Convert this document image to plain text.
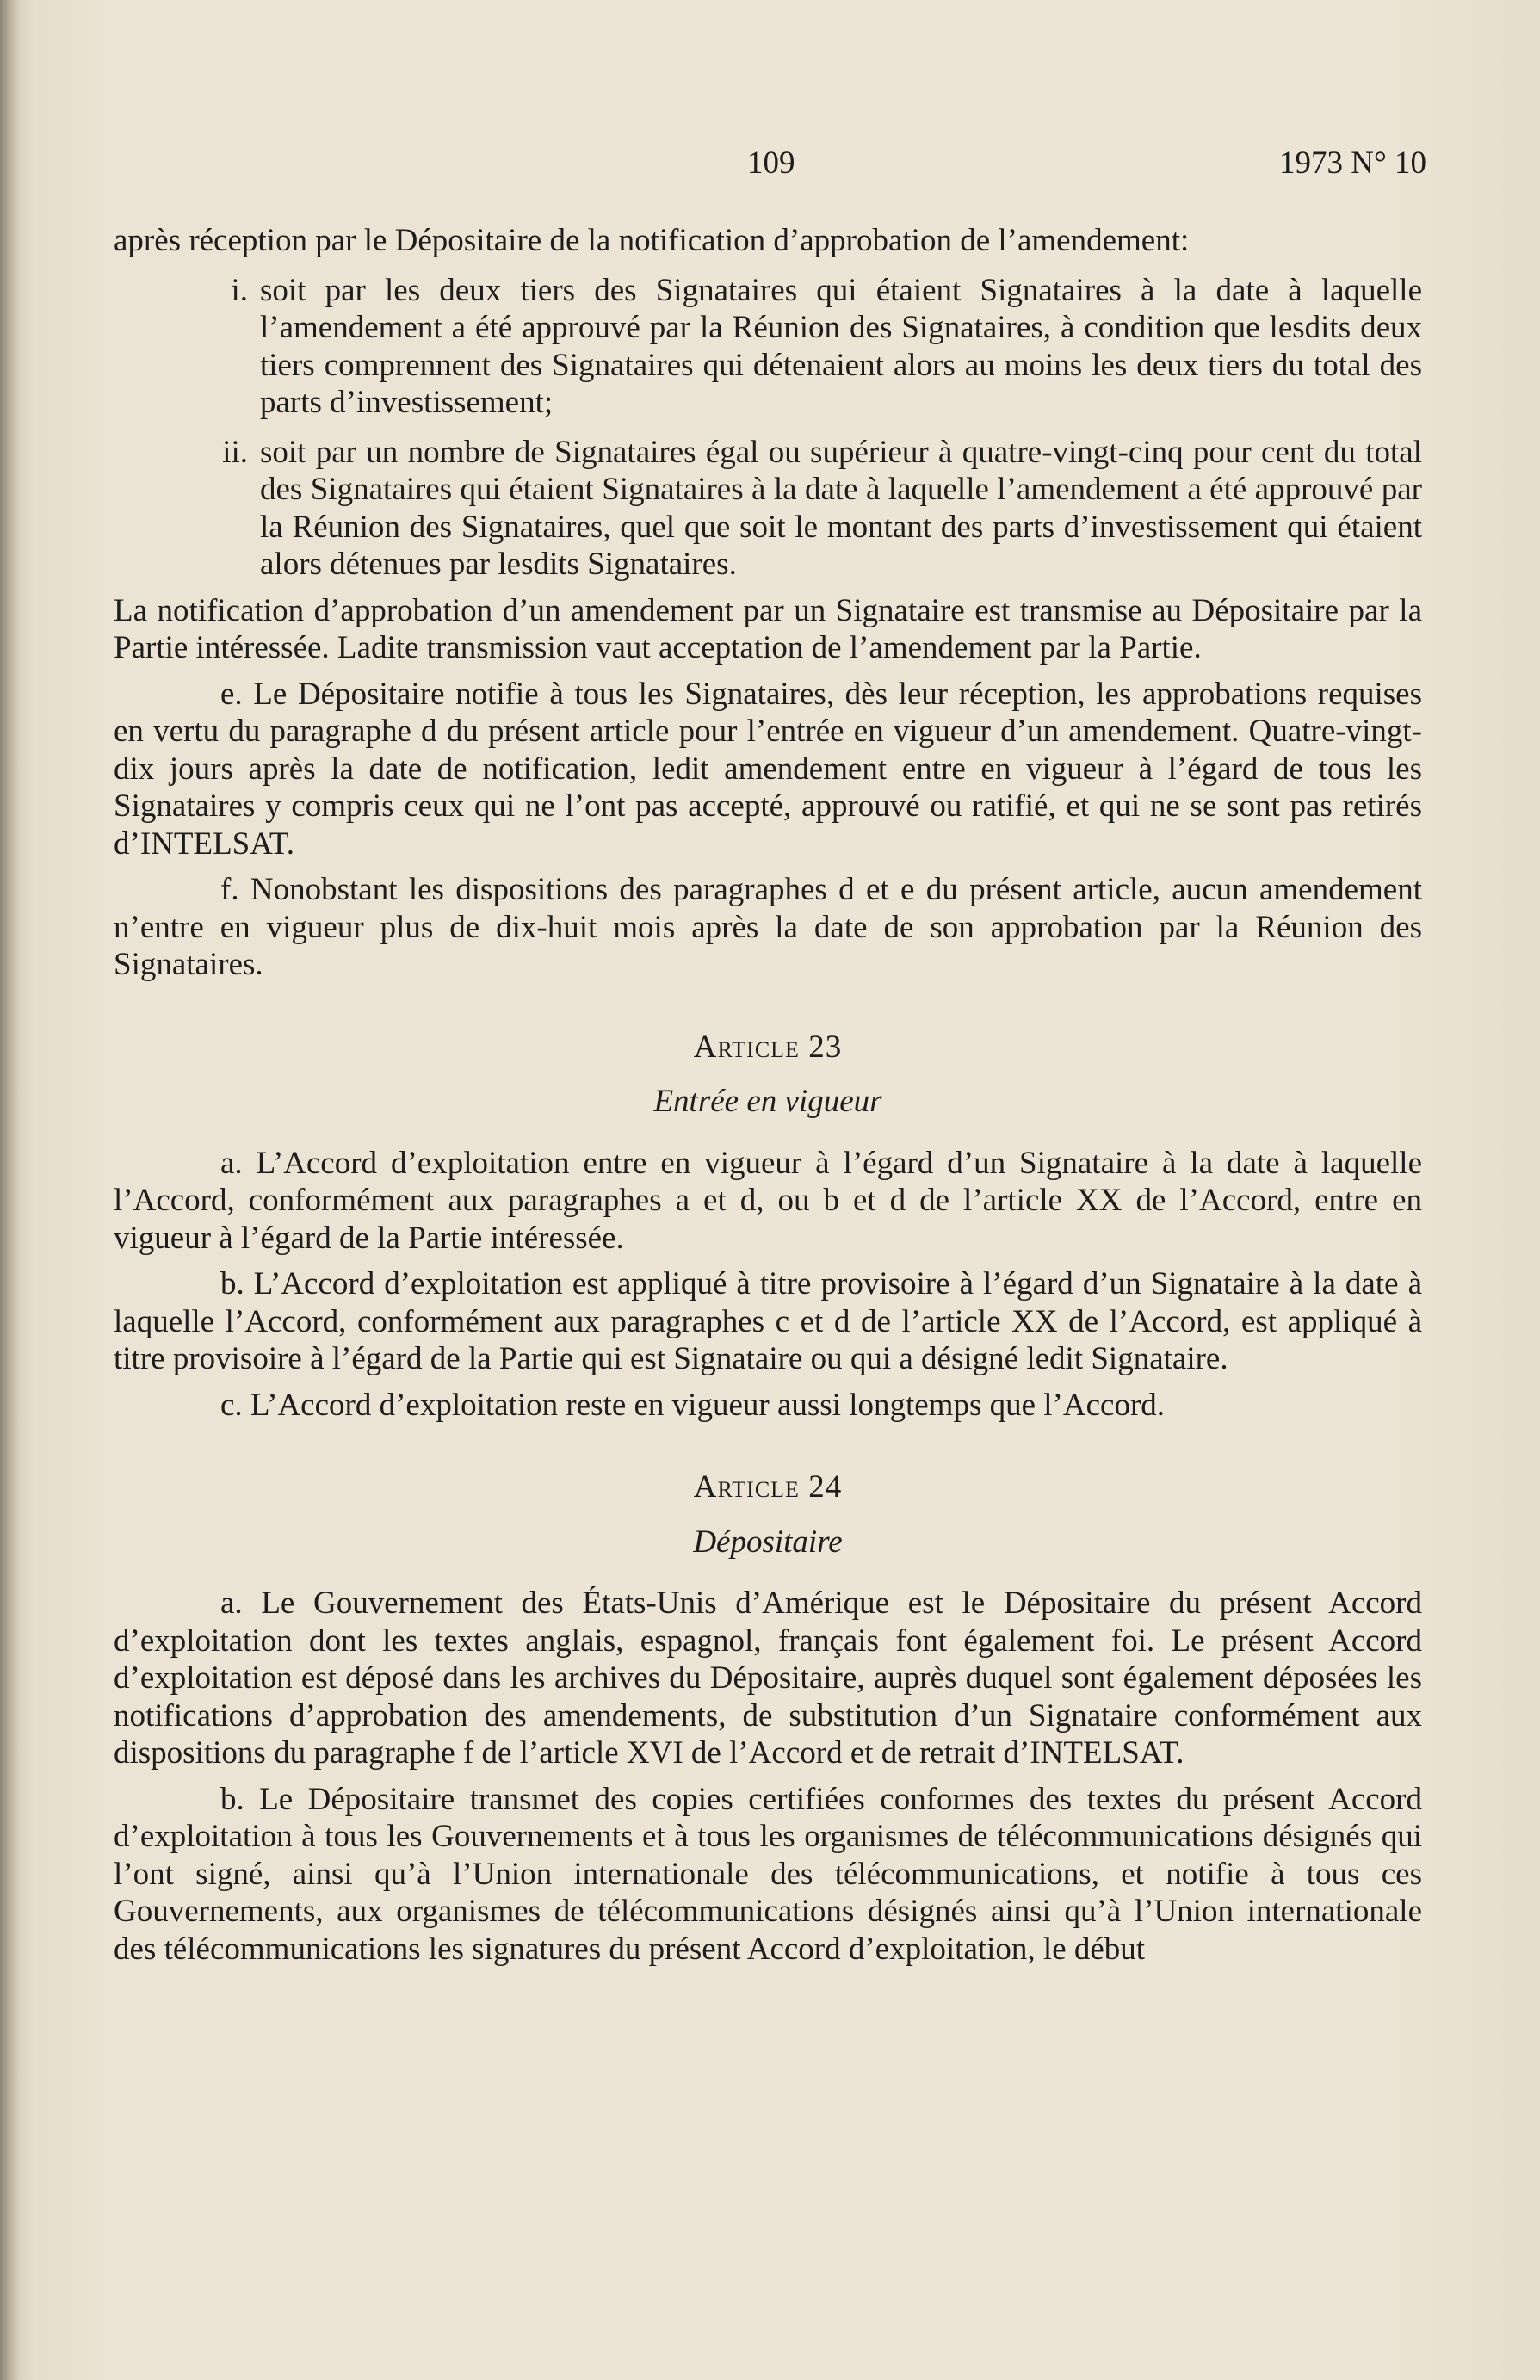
109	1973 N° 10

après réception par le Dépositaire de la notification d’approbation de l’amendement:

i. soit par les deux tiers des Signataires qui étaient Signataires à la date à laquelle l’amendement a été approuvé par la Réunion des Signataires, à condition que lesdits deux tiers comprennent des Signataires qui détenaient alors au moins les deux tiers du total des parts d’investissement;
ii. soit par un nombre de Signataires égal ou supérieur à quatre-vingt-cinq pour cent du total des Signataires qui étaient Signataires à la date à laquelle l’amendement a été approuvé par la Réunion des Signataires, quel que soit le montant des parts d’investissement qui étaient alors détenues par lesdits Signataires.

La notification d’approbation d’un amendement par un Signataire est transmise au Dépositaire par la Partie intéressée. Ladite transmission vaut acceptation de l’amendement par la Partie.

e. Le Dépositaire notifie à tous les Signataires, dès leur réception, les approbations requises en vertu du paragraphe d du présent article pour l’entrée en vigueur d’un amendement. Quatre-vingt-dix jours après la date de notification, ledit amendement entre en vigueur à l’égard de tous les Signataires y compris ceux qui ne l’ont pas accepté, approuvé ou ratifié, et qui ne se sont pas retirés d’INTELSAT.

f. Nonobstant les dispositions des paragraphes d et e du présent article, aucun amendement n’entre en vigueur plus de dix-huit mois après la date de son approbation par la Réunion des Signataires.

Article 23
Entrée en vigueur

a. L’Accord d’exploitation entre en vigueur à l’égard d’un Signataire à la date à laquelle l’Accord, conformément aux paragraphes a et d, ou b et d de l’article XX de l’Accord, entre en vigueur à l’égard de la Partie intéressée.

b. L’Accord d’exploitation est appliqué à titre provisoire à l’égard d’un Signataire à la date à laquelle l’Accord, conformément aux paragraphes c et d de l’article XX de l’Accord, est appliqué à titre provisoire à l’égard de la Partie qui est Signataire ou qui a désigné ledit Signataire.

c. L’Accord d’exploitation reste en vigueur aussi longtemps que l’Accord.

Article 24
Dépositaire

a. Le Gouvernement des États-Unis d’Amérique est le Dépositaire du présent Accord d’exploitation dont les textes anglais, espagnol, français font également foi. Le présent Accord d’exploitation est déposé dans les archives du Dépositaire, auprès duquel sont également déposées les notifications d’approbation des amendements, de substitution d’un Signataire conformément aux dispositions du paragraphe f de l’article XVI de l’Accord et de retrait d’INTELSAT.

b. Le Dépositaire transmet des copies certifiées conformes des textes du présent Accord d’exploitation à tous les Gouvernements et à tous les organismes de télécommunications désignés qui l’ont signé, ainsi qu’à l’Union internationale des télécommunications, et notifie à tous ces Gouvernements, aux organismes de télécommunications désignés ainsi qu’à l’Union internationale des télécommunications les signatures du présent Accord d’exploitation, le début
